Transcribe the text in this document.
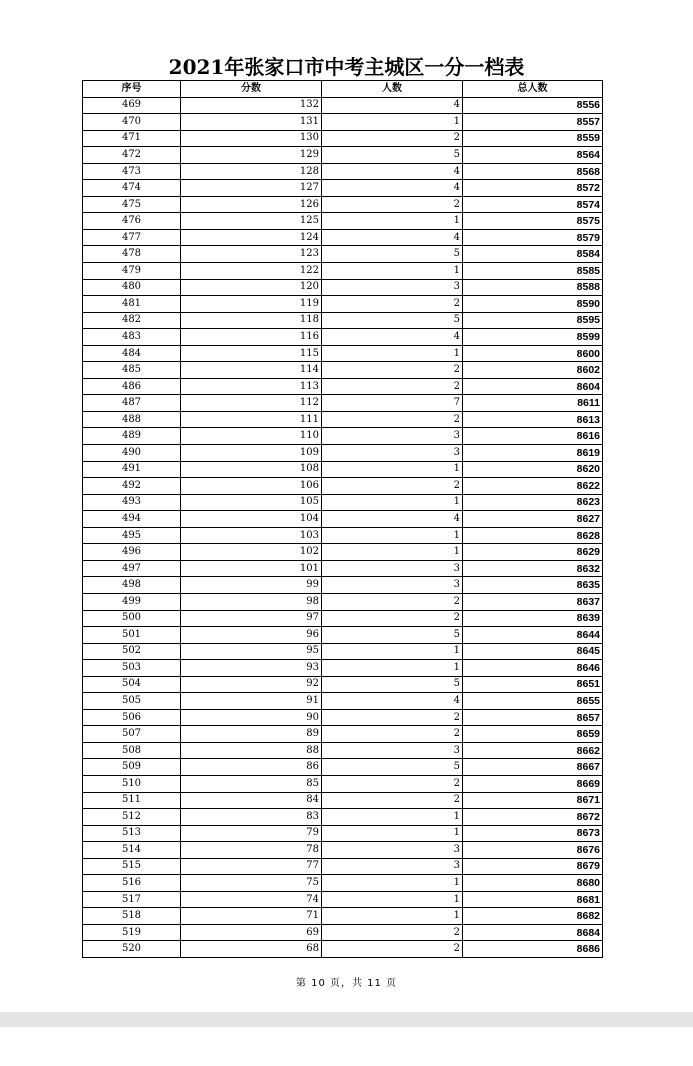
2021年张家口市中考主城区一分一档表
序号	分数	人数	总人数
469	132	4	8556
470	131	1	8557
471	130	2	8559
472	129	5	8564
473	128	4	8568
474	127	4	8572
475	126	2	8574
476	125	1	8575
477	124	4	8579
478	123	5	8584
479	122	1	8585
480	120	3	8588
481	119	2	8590
482	118	5	8595
483	116	4	8599
484	115	1	8600
485	114	2	8602
486	113	2	8604
487	112	7	8611
488	111	2	8613
489	110	3	8616
490	109	3	8619
491	108	1	8620
492	106	2	8622
493	105	1	8623
494	104	4	8627
495	103	1	8628
496	102	1	8629
497	101	3	8632
498	99	3	8635
499	98	2	8637
500	97	2	8639
501	96	5	8644
502	95	1	8645
503	93	1	8646
504	92	5	8651
505	91	4	8655
506	90	2	8657
507	89	2	8659
508	88	3	8662
509	86	5	8667
510	85	2	8669
511	84	2	8671
512	83	1	8672
513	79	1	8673
514	78	3	8676
515	77	3	8679
516	75	1	8680
517	74	1	8681
518	71	1	8682
519	69	2	8684
520	68	2	8686
第 10 页，共 11 页
